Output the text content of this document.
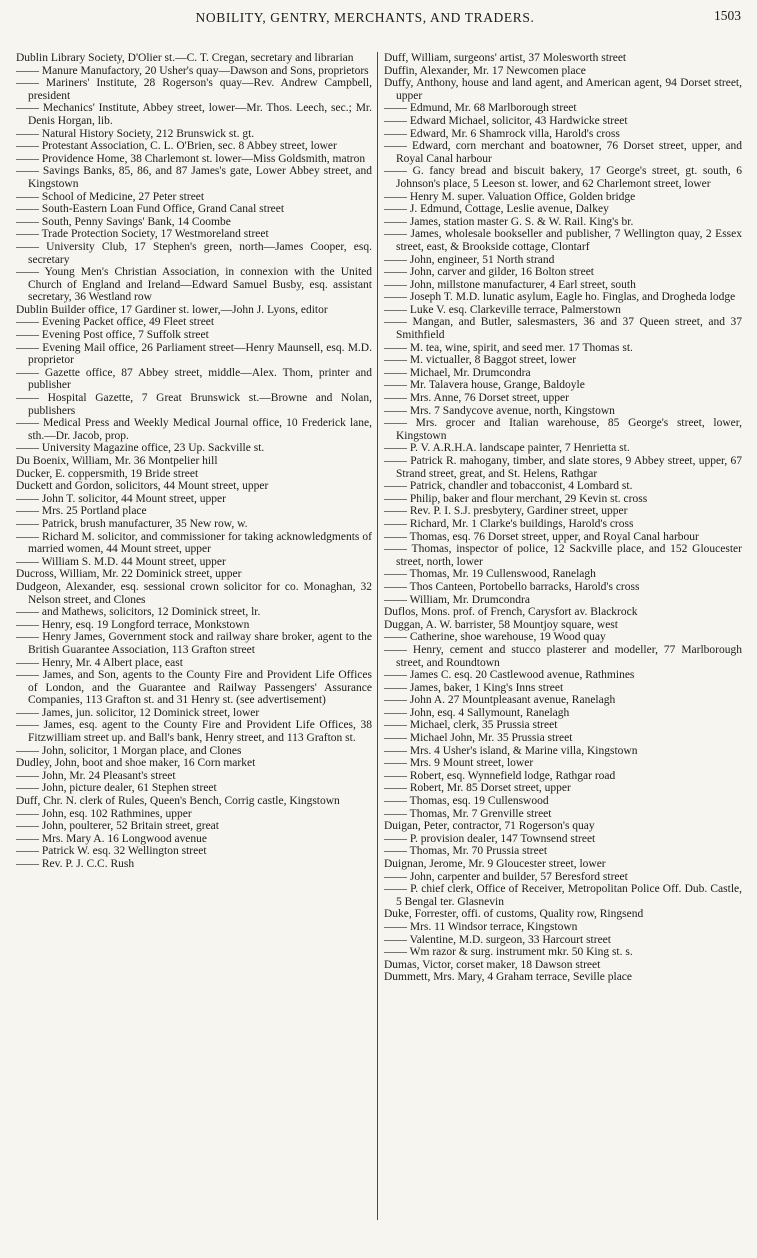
NOBILITY, GENTRY, MERCHANTS, AND TRADERS.	1503

Dublin Library Society, D'Olier st.—C. T. Cregan, secretary and librarian

—— Manure Manufactory, 20 Usher's quay—Dawson and Sons, proprietors

—— Mariners' Institute, 28 Rogerson's quay—Rev. Andrew Campbell, president

—— Mechanics' Institute, Abbey street, lower—Mr. Thos. Leech, sec.; Mr. Denis Horgan, lib.

—— Natural History Society, 212 Brunswick st. gt.

—— Protestant Association, C. L. O'Brien, sec. 8 Abbey street, lower

—— Providence Home, 38 Charlemont st. lower—Miss Goldsmith, matron

—— Savings Banks, 85, 86, and 87 James's gate, Lower Abbey street, and Kingstown

—— School of Medicine, 27 Peter street

—— South-Eastern Loan Fund Office, Grand Canal street

—— South, Penny Savings' Bank, 14 Coombe

—— Trade Protection Society, 17 Westmoreland street

—— University Club, 17 Stephen's green, north—James Cooper, esq. secretary

—— Young Men's Christian Association, in connexion with the United Church of England and Ireland—Edward Samuel Busby, esq. assistant secretary, 36 Westland row

Dublin Builder office, 17 Gardiner st. lower,—John J. Lyons, editor

—— Evening Packet office, 49 Fleet street

—— Evening Post office, 7 Suffolk street

—— Evening Mail office, 26 Parliament street—Henry Maunsell, esq. M.D. proprietor

—— Gazette office, 87 Abbey street, middle—Alex. Thom, printer and publisher

—— Hospital Gazette, 7 Great Brunswick st.—Browne and Nolan, publishers

—— Medical Press and Weekly Medical Journal office, 10 Frederick lane, sth.—Dr. Jacob, prop.

—— University Magazine office, 23 Up. Sackville st.

Du Boenix, William, Mr. 36 Montpelier hill

Ducker, E. coppersmith, 19 Bride street

Duckett and Gordon, solicitors, 44 Mount street, upper

—— John T. solicitor, 44 Mount street, upper

—— Mrs. 25 Portland place

—— Patrick, brush manufacturer, 35 New row, w.

—— Richard M. solicitor, and commissioner for taking acknowledgments of married women, 44 Mount street, upper

—— William S. M.D. 44 Mount street, upper

Ducross, William, Mr. 22 Dominick street, upper

Dudgeon, Alexander, esq. sessional crown solicitor for co. Monaghan, 32 Nelson street, and Clones

—— and Mathews, solicitors, 12 Dominick street, lr.

—— Henry, esq. 19 Longford terrace, Monkstown

—— Henry James, Government stock and railway share broker, agent to the British Guarantee Association, 113 Grafton street

—— Henry, Mr. 4 Albert place, east

—— James, and Son, agents to the County Fire and Provident Life Offices of London, and the Guarantee and Railway Passengers' Assurance Companies, 113 Grafton st. and 31 Henry st. (see advertisement)

—— James, jun. solicitor, 12 Dominick street, lower

—— James, esq. agent to the County Fire and Provident Life Offices, 38 Fitzwilliam street up. and Ball's bank, Henry street, and 113 Grafton st.

—— John, solicitor, 1 Morgan place, and Clones

Dudley, John, boot and shoe maker, 16 Corn market

—— John, Mr. 24 Pleasant's street

—— John, picture dealer, 61 Stephen street

Duff, Chr. N. clerk of Rules, Queen's Bench, Corrig castle, Kingstown

—— John, esq. 102 Rathmines, upper

—— John, poulterer, 52 Britain street, great

—— Mrs. Mary A. 16 Longwood avenue

—— Patrick W. esq. 32 Wellington street

—— Rev. P. J. C.C. Rush

Duff, William, surgeons' artist, 37 Molesworth street

Duffin, Alexander, Mr. 17 Newcomen place

Duffy, Anthony, house and land agent, and American agent, 94 Dorset street, upper

—— Edmund, Mr. 68 Marlborough street

—— Edward Michael, solicitor, 43 Hardwicke street

—— Edward, Mr. 6 Shamrock villa, Harold's cross

—— Edward, corn merchant and boatowner, 76 Dorset street, upper, and Royal Canal harbour

—— G. fancy bread and biscuit bakery, 17 George's street, gt. south, 6 Johnson's place, 5 Leeson st. lower, and 62 Charlemont street, lower

—— Henry M. super. Valuation Office, Golden bridge

—— J. Edmund, Cottage, Leslie avenue, Dalkey

—— James, station master G. S. & W. Rail. King's br.

—— James, wholesale bookseller and publisher, 7 Wellington quay, 2 Essex street, east, & Brookside cottage, Clontarf

—— John, engineer, 51 North strand

—— John, carver and gilder, 16 Bolton street

—— John, millstone manufacturer, 4 Earl street, south

—— Joseph T. M.D. lunatic asylum, Eagle ho. Finglas, and Drogheda lodge

—— Luke V. esq. Clarkeville terrace, Palmerstown

—— Mangan, and Butler, salesmasters, 36 and 37 Queen street, and 37 Smithfield

—— M. tea, wine, spirit, and seed mer. 17 Thomas st.

—— M. victualler, 8 Baggot street, lower

—— Michael, Mr. Drumcondra

—— Mr. Talavera house, Grange, Baldoyle

—— Mrs. Anne, 76 Dorset street, upper

—— Mrs. 7 Sandycove avenue, north, Kingstown

—— Mrs. grocer and Italian warehouse, 85 George's street, lower, Kingstown

—— P. V. A.R.H.A. landscape painter, 7 Henrietta st.

—— Patrick R. mahogany, timber, and slate stores, 9 Abbey street, upper, 67 Strand street, great, and St. Helens, Rathgar

—— Patrick, chandler and tobacconist, 4 Lombard st.

—— Philip, baker and flour merchant, 29 Kevin st. cross

—— Rev. P. I. S.J. presbytery, Gardiner street, upper

—— Richard, Mr. 1 Clarke's buildings, Harold's cross

—— Thomas, esq. 76 Dorset street, upper, and Royal Canal harbour

—— Thomas, inspector of police, 12 Sackville place, and 152 Gloucester street, north, lower

—— Thomas, Mr. 19 Cullenswood, Ranelagh

—— Thos Canteen, Portobello barracks, Harold's cross

—— William, Mr. Drumcondra

Duflos, Mons. prof. of French, Carysfort av. Blackrock

Duggan, A. W. barrister, 58 Mountjoy square, west

—— Catherine, shoe warehouse, 19 Wood quay

—— Henry, cement and stucco plasterer and modeller, 77 Marlborough street, and Roundtown

—— James C. esq. 20 Castlewood avenue, Rathmines

—— James, baker, 1 King's Inns street

—— John A. 27 Mountpleasant avenue, Ranelagh

—— John, esq. 4 Sallymount, Ranelagh

—— Michael, clerk, 35 Prussia street

—— Michael John, Mr. 35 Prussia street

—— Mrs. 4 Usher's island, & Marine villa, Kingstown

—— Mrs. 9 Mount street, lower

—— Robert, esq. Wynnefield lodge, Rathgar road

—— Robert, Mr. 85 Dorset street, upper

—— Thomas, esq. 19 Cullenswood

—— Thomas, Mr. 7 Grenville street

Duigan, Peter, contractor, 71 Rogerson's quay

—— P. provision dealer, 147 Townsend street

—— Thomas, Mr. 70 Prussia street

Duignan, Jerome, Mr. 9 Gloucester street, lower

—— John, carpenter and builder, 57 Beresford street

—— P. chief clerk, Office of Receiver, Metropolitan Police Off. Dub. Castle, 5 Bengal ter. Glasnevin

Duke, Forrester, offi. of customs, Quality row, Ringsend

—— Mrs. 11 Windsor terrace, Kingstown

—— Valentine, M.D. surgeon, 33 Harcourt street

—— Wm razor & surg. instrument mkr. 50 King st. s.

Dumas, Victor, corset maker, 18 Dawson street

Dummett, Mrs. Mary, 4 Graham terrace, Seville place
